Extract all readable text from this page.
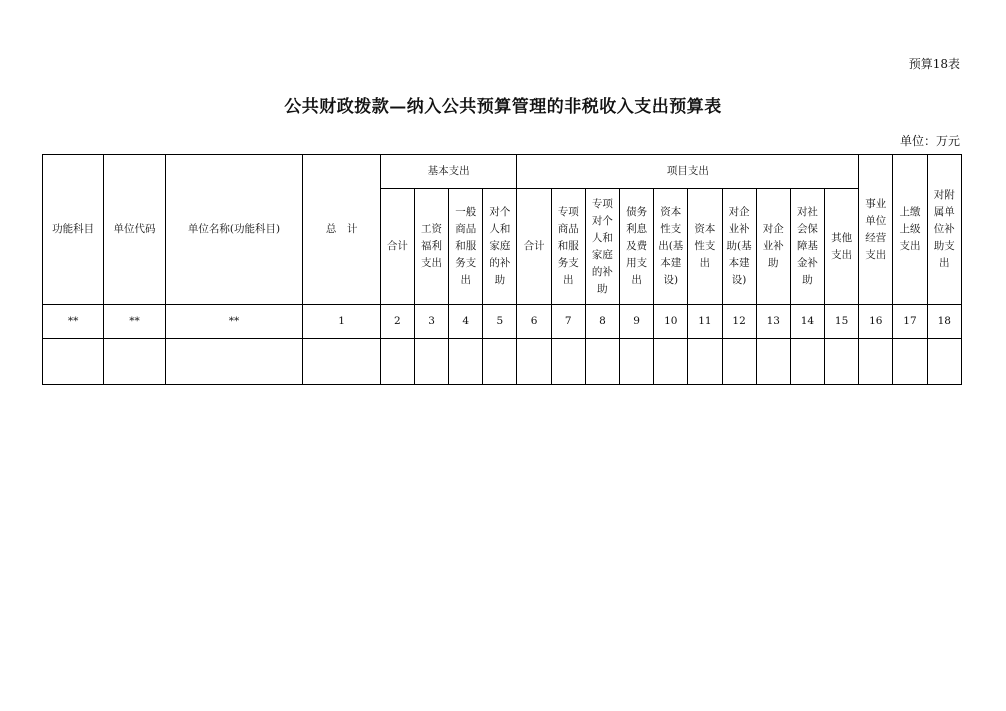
预算18表
公共财政拨款—纳入公共预算管理的非税收入支出预算表
单位：万元
功能科目	单位代码	单位名称(功能科目)	总　计	基本支出				项目支出										事业单位经营支出	上缴上级支出	对附属单位补助支出
				合计	工资福利支出	一般商品和服务支出	对个人和家庭的补助	合计	专项商品和服务支出	专项对个人和家庭的补助	债务利息及费用支出	资本性支出(基本建设)	资本性支出	对企业补助(基本建设)	对企业补助	对社会保障基金补助	其他支出			
**	**	**	1	2	3	4	5	6	7	8	9	10	11	12	13	14	15	16	17	18
